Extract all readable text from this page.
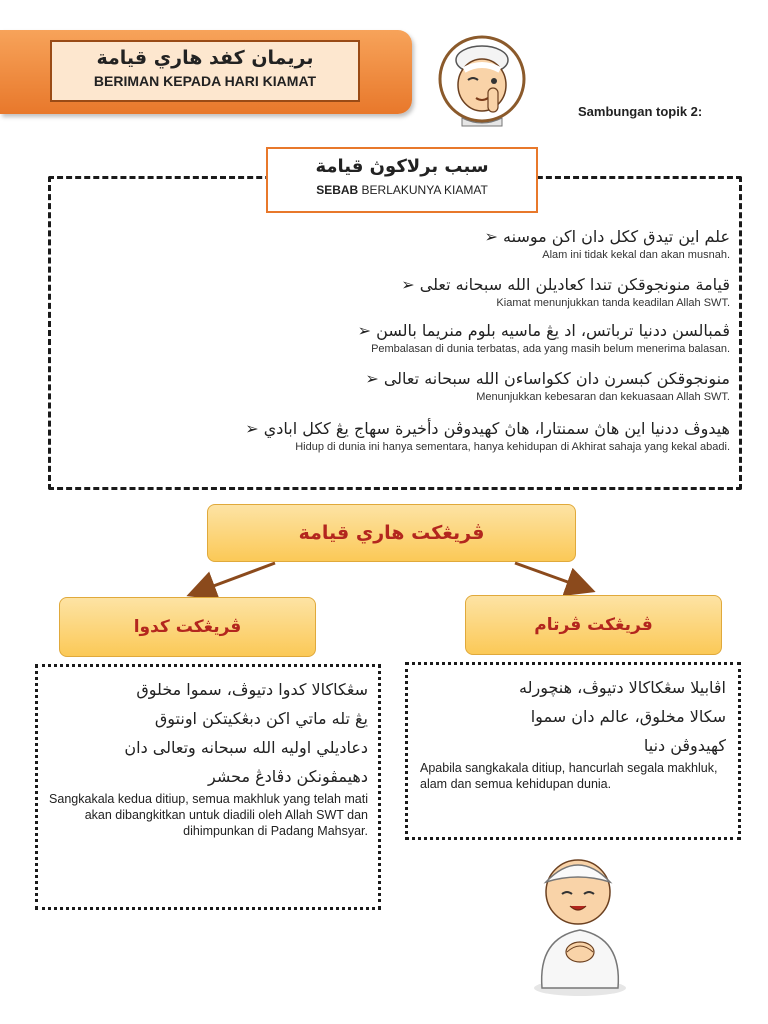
بريمان كفد هاري قيامة
BERIMAN KEPADA HARI KIAMAT
Sambungan topik 2:
سبب برلاكوڽ قيامة
SEBAB BERLAKUNYA KIAMAT
علم اين تيدق ككل دان اكن موسنه ➢
Alam ini tidak kekal dan akan musnah.
قيامة منونجوقكن تندا كعاديلن الله سبحانه تعلى ➢
Kiamat menunjukkan tanda keadilan Allah SWT.
ڤمبالسن ددنيا ترباتس، اد يڠ ماسيه بلوم منريما بالسن ➢
Pembalasan di dunia terbatas, ada yang masih belum menerima balasan.
منونجوقكن كبسرن دان ككواساءن الله سبحانه تعالى ➢
Menunjukkan kebesaran dan kekuasaan Allah SWT.
هيدوڤ ددنيا اين هاڽ سمنتارا، هاڽ كهيدوڤن دأخيرة سهاج يڠ ككل ابادي ➢
Hidup di dunia ini hanya sementara, hanya kehidupan di Akhirat sahaja yang kekal abadi.
ڤريڠكت هاري قيامة
ڤريڠكت كدوا	ڤريڠكت ڤرتام
سڠكاكالا كدوا دتيوڤ، سموا مخلوق
يڠ تله ماتي اكن دبڠكيتكن اونتوق
دعاديلي اوليه الله سبحانه وتعالى دان
دهيمڤونكن دڤادڠ محشر
Sangkakala kedua ditiup, semua makhluk yang telah mati akan dibangkitkan untuk diadili oleh Allah SWT dan dihimpunkan di Padang Mahsyar.
اڤابيلا سڠكاكالا دتيوڤ، هنچورله
سکالا مخلوق، عالم دان سموا
كهيدوڤن دنيا
Apabila sangkakala ditiup, hancurlah segala makhluk, alam dan semua kehidupan dunia.
